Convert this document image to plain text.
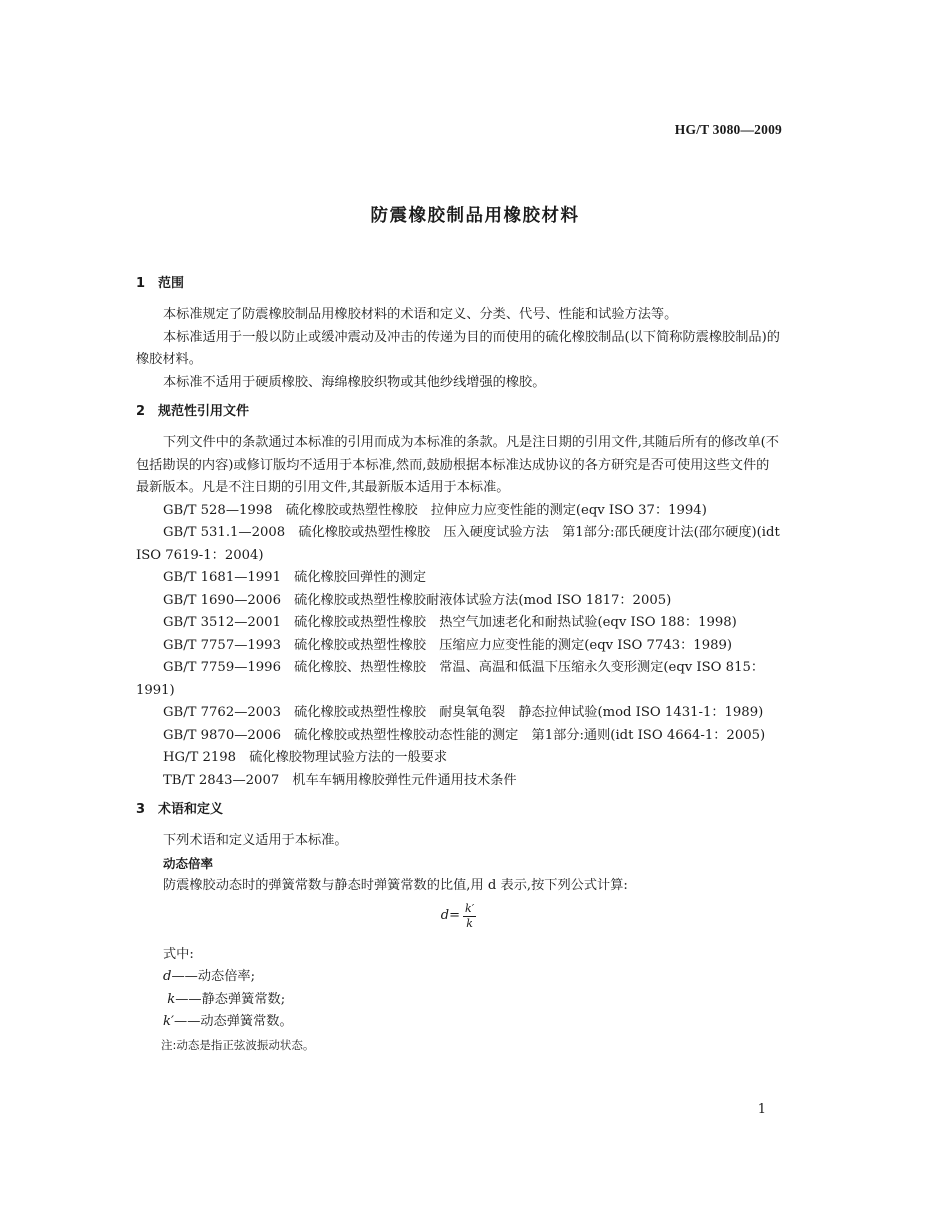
HG/T 3080—2009
防震橡胶制品用橡胶材料
1 范围

本标准规定了防震橡胶制品用橡胶材料的术语和定义、分类、代号、性能和试验方法等。

本标准适用于一般以防止或缓冲震动及冲击的传递为目的而使用的硫化橡胶制品(以下简称防震橡胶制品)的橡胶材料。

本标准不适用于硬质橡胶、海绵橡胶织物或其他纱线增强的橡胶。

2 规范性引用文件

下列文件中的条款通过本标准的引用而成为本标准的条款。凡是注日期的引用文件,其随后所有的修改单(不包括勘误的内容)或修订版均不适用于本标准,然而,鼓励根据本标准达成协议的各方研究是否可使用这些文件的最新版本。凡是不注日期的引用文件,其最新版本适用于本标准。

GB/T 528—1998　硫化橡胶或热塑性橡胶　拉伸应力应变性能的测定(eqv ISO 37：1994)

GB/T 531.1—2008　硫化橡胶或热塑性橡胶　压入硬度试验方法　第1部分:邵氏硬度计法(邵尔硬度)(idt ISO 7619-1：2004)

GB/T 1681—1991　硫化橡胶回弹性的测定

GB/T 1690—2006　硫化橡胶或热塑性橡胶耐液体试验方法(mod ISO 1817：2005)

GB/T 3512—2001　硫化橡胶或热塑性橡胶　热空气加速老化和耐热试验(eqv ISO 188：1998)

GB/T 7757—1993　硫化橡胶或热塑性橡胶　压缩应力应变性能的测定(eqv ISO 7743：1989)

GB/T 7759—1996　硫化橡胶、热塑性橡胶　常温、高温和低温下压缩永久变形测定(eqv ISO 815：1991)

GB/T 7762—2003　硫化橡胶或热塑性橡胶　耐臭氧龟裂　静态拉伸试验(mod ISO 1431-1：1989)

GB/T 9870—2006　硫化橡胶或热塑性橡胶动态性能的测定　第1部分:通则(idt ISO 4664-1：2005)

HG/T 2198　硫化橡胶物理试验方法的一般要求

TB/T 2843—2007　机车车辆用橡胶弹性元件通用技术条件

3 术语和定义

下列术语和定义适用于本标准。

动态倍率

防震橡胶动态时的弹簧常数与静态时弹簧常数的比值,用 d 表示,按下列公式计算:

$d = \frac{k'}{k}$

式中:

d——动态倍率;

k——静态弹簧常数;

k′——动态弹簧常数。

注:动态是指正弦波振动状态。

1
